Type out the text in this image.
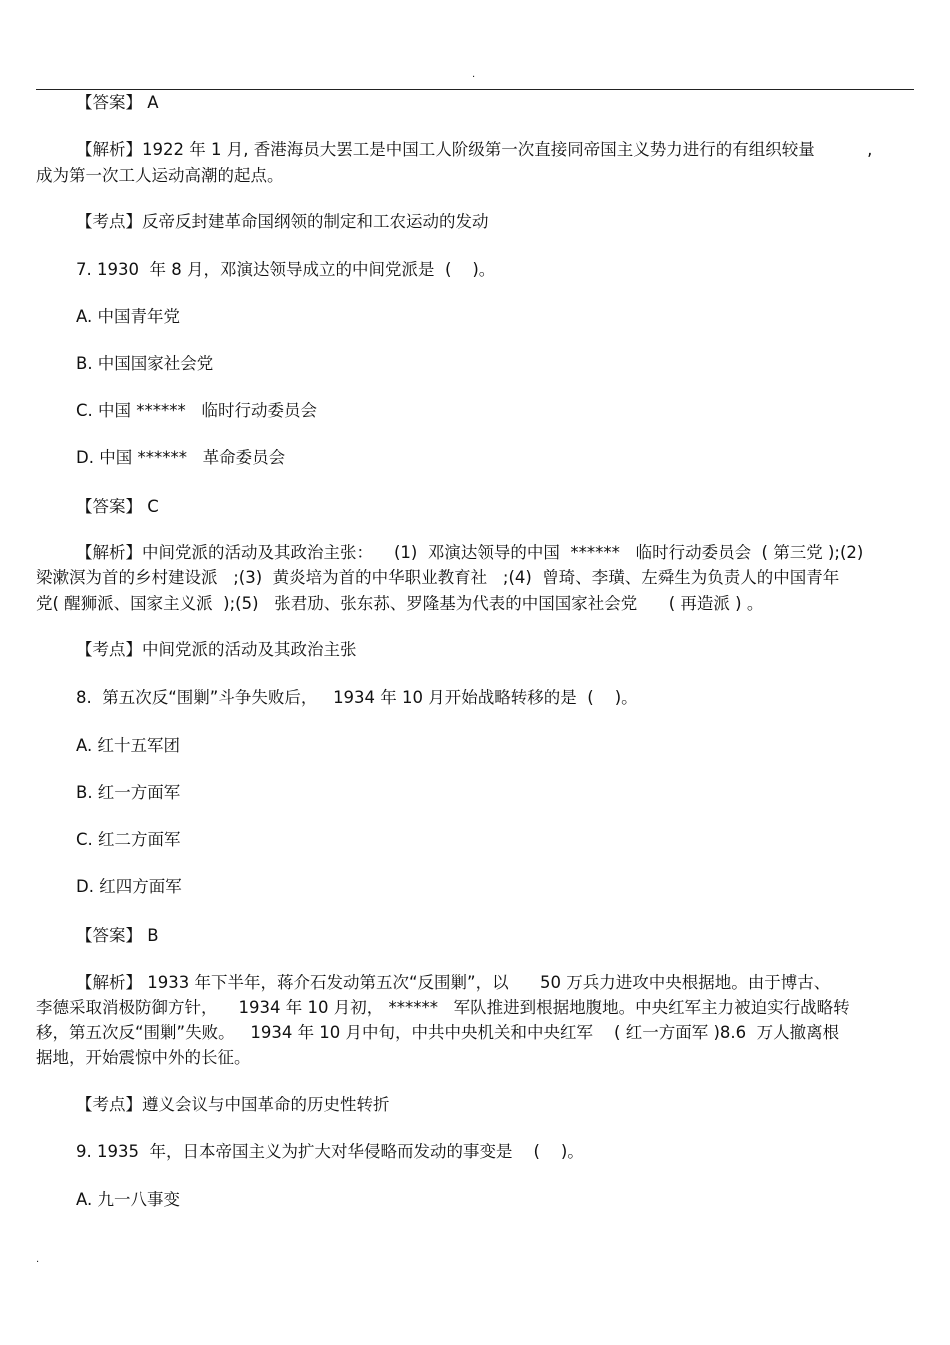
.
【答案】 A
【解析】1922 年 1 月, 香港海员大罢工是中国工人阶级第一次直接同帝国主义势力进行的有组织较量          ,
成为第一次工人运动高潮的起点。
【考点】反帝反封建革命国纲领的制定和工农运动的发动
7. 1930  年 8 月，邓演达领导成立的中间党派是  (    )。
A. 中国青年党
B. 中国国家社会党
C. 中国 ******   临时行动委员会
D. 中国 ******   革命委员会
【答案】 C
【解析】中间党派的活动及其政治主张：    (1)  邓演达领导的中国  ******   临时行动委员会  ( 第三党 );(2)
梁漱溟为首的乡村建设派   ;(3)  黄炎培为首的中华职业教育社   ;(4)  曾琦、李璜、左舜生为负责人的中国青年
党( 醒狮派、国家主义派  );(5)   张君劢、张东荪、罗隆基为代表的中国国家社会党      ( 再造派 ) 。
【考点】中间党派的活动及其政治主张
8.  第五次反“围剿”斗争失败后，   1934 年 10 月开始战略转移的是  (    )。
A. 红十五军团
B. 红一方面军
C. 红二方面军
D. 红四方面军
【答案】 B
【解析】 1933 年下半年，蒋介石发动第五次“反围剿”，以      50 万兵力进攻中央根据地。由于博古、
李德采取消极防御方针，    1934 年 10 月初， ******   军队推进到根据地腹地。中央红军主力被迫实行战略转
移，第五次反“围剿”失败。   1934 年 10 月中旬，中共中央机关和中央红军    ( 红一方面军 )8.6  万人撤离根
据地，开始震惊中外的长征。
【考点】遵义会议与中国革命的历史性转折
9. 1935  年，日本帝国主义为扩大对华侵略而发动的事变是    (    )。
A. 九一八事变
.
